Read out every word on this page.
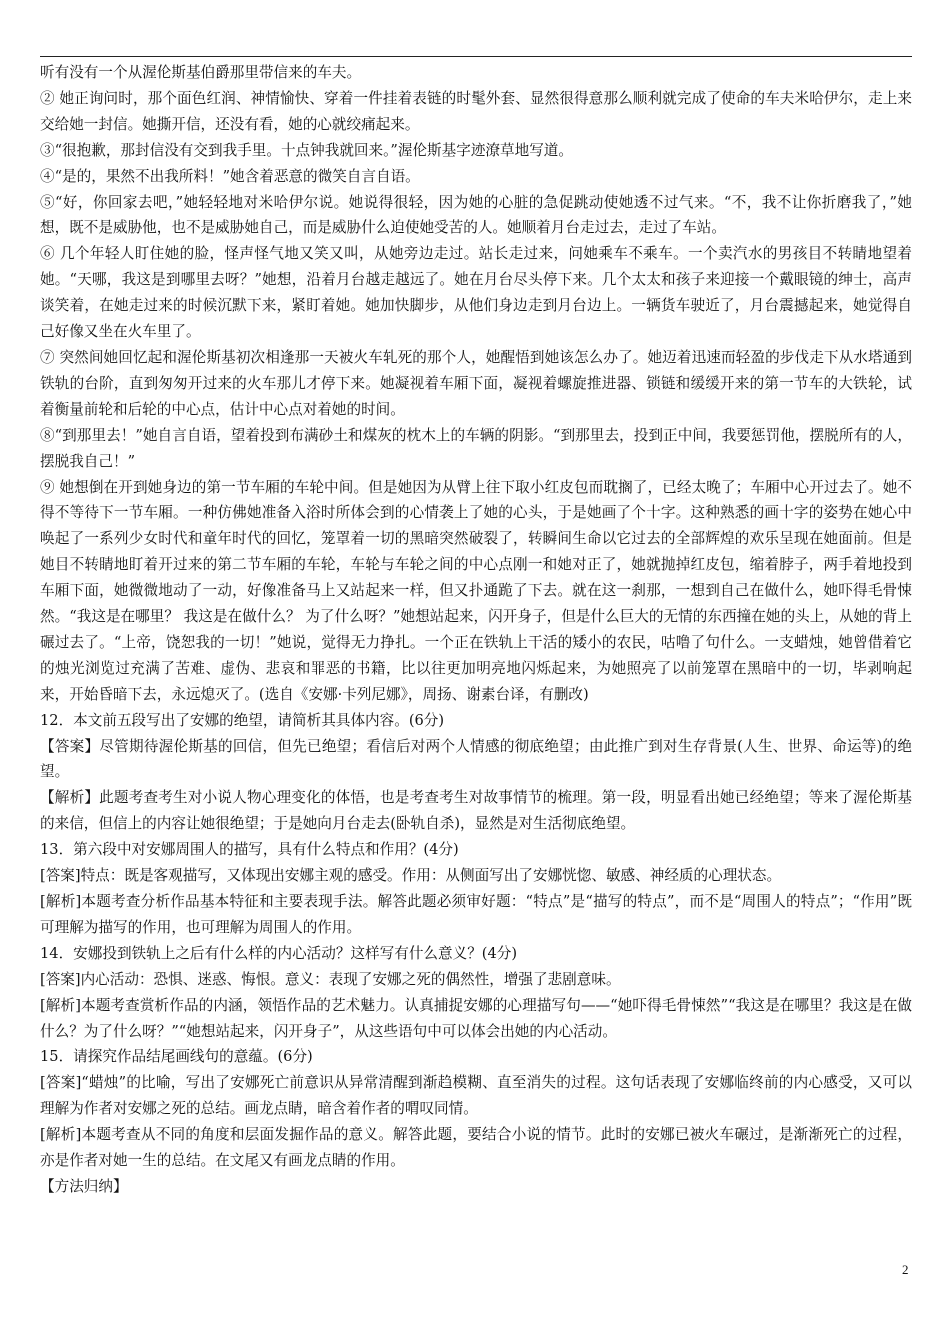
听有没有一个从渥伦斯基伯爵那里带信来的车夫。

② 她正询问时，那个面色红润、神情愉快、穿着一件挂着表链的时髦外套、显然很得意那么顺利就完成了使命的车夫米哈伊尔，走上来交给她一封信。她撕开信，还没有看，她的心就绞痛起来。

③“很抱歉，那封信没有交到我手里。十点钟我就回来。”渥伦斯基字迹潦草地写道。

④“是的，果然不出我所料！”她含着恶意的微笑自言自语。

⑤“好，你回家去吧，”她轻轻地对米哈伊尔说。她说得很轻，因为她的心脏的急促跳动使她透不过气来。“不，我不让你折磨我了，”她想，既不是威胁他，也不是威胁她自己，而是威胁什么迫使她受苦的人。她顺着月台走过去，走过了车站。

⑥ 几个年轻人盯住她的脸，怪声怪气地又笑又叫，从她旁边走过。站长走过来，问她乘车不乘车。一个卖汽水的男孩目不转睛地望着她。“天哪，我这是到哪里去呀？”她想，沿着月台越走越远了。她在月台尽头停下来。几个太太和孩子来迎接一个戴眼镜的绅士，高声谈笑着，在她走过来的时候沉默下来，紧盯着她。她加快脚步，从他们身边走到月台边上。一辆货车驶近了，月台震撼起来，她觉得自己好像又坐在火车里了。

⑦ 突然间她回忆起和渥伦斯基初次相逢那一天被火车轧死的那个人，她醒悟到她该怎么办了。她迈着迅速而轻盈的步伐走下从水塔通到铁轨的台阶，直到匆匆开过来的火车那儿才停下来。她凝视着车厢下面，凝视着螺旋推进器、锁链和缓缓开来的第一节车的大铁轮，试着衡量前轮和后轮的中心点，估计中心点对着她的时间。

⑧“到那里去！”她自言自语，望着投到布满砂土和煤灰的枕木上的车辆的阴影。“到那里去，投到正中间，我要惩罚他，摆脱所有的人，摆脱我自己！”

⑨ 她想倒在开到她身边的第一节车厢的车轮中间。但是她因为从臂上往下取小红皮包而耽搁了，已经太晚了；车厢中心开过去了。她不得不等待下一节车厢。一种仿佛她准备入浴时所体会到的心情袭上了她的心头，于是她画了个十字。这种熟悉的画十字的姿势在她心中唤起了一系列少女时代和童年时代的回忆，笼罩着一切的黑暗突然破裂了，转瞬间生命以它过去的全部辉煌的欢乐呈现在她面前。但是她目不转睛地盯着开过来的第二节车厢的车轮，车轮与车轮之间的中心点刚一和她对正了，她就抛掉红皮包，缩着脖子，两手着地投到车厢下面，她微微地动了一动，好像准备马上又站起来一样，但又扑通跪了下去。就在这一刹那，一想到自己在做什么，她吓得毛骨悚然。“我这是在哪里？ 我这是在做什么？ 为了什么呀？”她想站起来，闪开身子，但是什么巨大的无情的东西撞在她的头上，从她的背上碾过去了。“上帝，饶恕我的一切！”她说，觉得无力挣扎。一个正在铁轨上干活的矮小的农民，咕噜了句什么。一支蜡烛，她曾借着它的烛光浏览过充满了苦难、虚伪、悲哀和罪恶的书籍，比以往更加明亮地闪烁起来，为她照亮了以前笼罩在黑暗中的一切，毕剥响起来，开始昏暗下去，永远熄灭了。(选自《安娜·卡列尼娜》，周扬、谢素台译，有删改)

12．本文前五段写出了安娜的绝望，请简析其具体内容。(6分)

【答案】尽管期待渥伦斯基的回信，但先已绝望；看信后对两个人情感的彻底绝望；由此推广到对生存背景(人生、世界、命运等)的绝望。

【解析】此题考查考生对小说人物心理变化的体悟，也是考查考生对故事情节的梳理。第一段，明显看出她已经绝望；等来了渥伦斯基的来信，但信上的内容让她很绝望；于是她向月台走去(卧轨自杀)，显然是对生活彻底绝望。

13．第六段中对安娜周围人的描写，具有什么特点和作用？(4分)

[答案]特点：既是客观描写，又体现出安娜主观的感受。作用：从侧面写出了安娜恍惚、敏感、神经质的心理状态。

[解析]本题考查分析作品基本特征和主要表现手法。解答此题必须审好题：“特点”是“描写的特点”，而不是“周围人的特点”；“作用”既可理解为描写的作用，也可理解为周围人的作用。

14．安娜投到铁轨上之后有什么样的内心活动？这样写有什么意义？(4分)

[答案]内心活动：恐惧、迷惑、悔恨。意义：表现了安娜之死的偶然性，增强了悲剧意味。

[解析]本题考查赏析作品的内涵，领悟作品的艺术魅力。认真捕捉安娜的心理描写句——“她吓得毛骨悚然”“我这是在哪里？我这是在做什么？为了什么呀？”“她想站起来，闪开身子”，从这些语句中可以体会出她的内心活动。

15．请探究作品结尾画线句的意蕴。(6分)

[答案]“蜡烛”的比喻，写出了安娜死亡前意识从异常清醒到渐趋模糊、直至消失的过程。这句话表现了安娜临终前的内心感受，又可以理解为作者对安娜之死的总结。画龙点睛，暗含着作者的喟叹同情。

[解析]本题考查从不同的角度和层面发掘作品的意义。解答此题，要结合小说的情节。此时的安娜已被火车碾过，是渐渐死亡的过程，亦是作者对她一生的总结。在文尾又有画龙点睛的作用。

【方法归纳】

2
